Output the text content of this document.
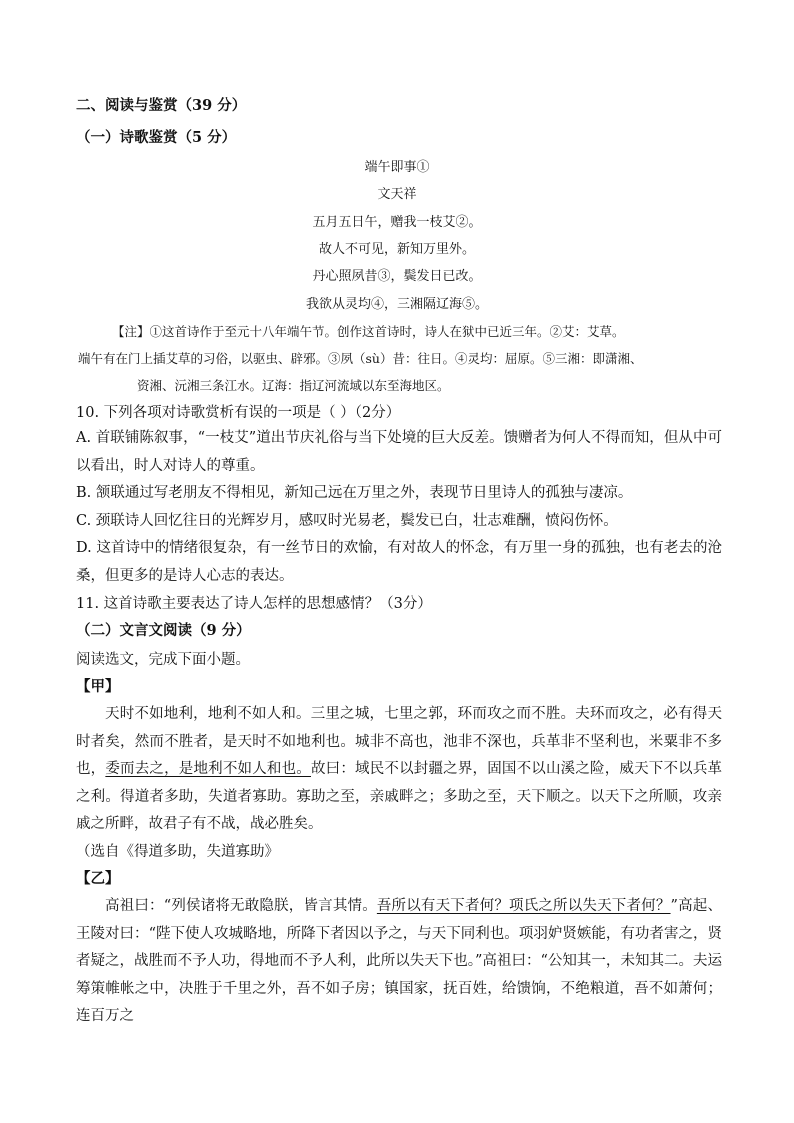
二、阅读与鉴赏（39 分）
（一）诗歌鉴赏（5 分）
端午即事①
文天祥
五月五日午，赠我一枝艾②。
故人不可见，新知万里外。
丹心照夙昔③，鬓发日已改。
我欲从灵均④，三湘隔辽海⑤。
【注】①这首诗作于至元十八年端午节。创作这首诗时，诗人在狱中已近三年。②艾：艾草。
端午有在门上插艾草的习俗，以驱虫、辟邪。③夙（sù）昔：往日。④灵均：屈原。⑤三湘：即潇湘、
资湘、沅湘三条江水。辽海：指辽河流域以东至海地区。
10. 下列各项对诗歌赏析有误的一项是（ ）（2分）

A. 首联铺陈叙事，“一枝艾”道出节庆礼俗与当下处境的巨大反差。馈赠者为何人不得而知，但从中可以看出，时人对诗人的尊重。

B. 颔联通过写老朋友不得相见，新知己远在万里之外，表现节日里诗人的孤独与凄凉。

C. 颈联诗人回忆往日的光辉岁月，感叹时光易老，鬓发已白，壮志难酬，愤闷伤怀。

D. 这首诗中的情绪很复杂，有一丝节日的欢愉，有对故人的怀念，有万里一身的孤独，也有老去的沧桑，但更多的是诗人心志的表达。

11. 这首诗歌主要表达了诗人怎样的思想感情？（3分）
（二）文言文阅读（9 分）
阅读选文，完成下面小题。
【甲】

天时不如地利，地利不如人和。三里之城，七里之郭，环而攻之而不胜。夫环而攻之，必有得天时者矣，然而不胜者，是天时不如地利也。城非不高也，池非不深也，兵革非不坚利也，米粟非不多也，委而去之，是地利不如人和也。故曰：域民不以封疆之界，固国不以山溪之险，威天下不以兵革之利。得道者多助，失道者寡助。寡助之至，亲戚畔之；多助之至，天下顺之。以天下之所顺，攻亲戚之所畔，故君子有不战，战必胜矣。

（选自《得道多助，失道寡助》
【乙】

高祖曰：“列侯诸将无敢隐朕，皆言其情。吾所以有天下者何？项氏之所以失天下者何？”高起、王陵对曰：“陛下使人攻城略地，所降下者因以予之，与天下同利也。项羽妒贤嫉能，有功者害之，贤者疑之，战胜而不予人功，得地而不予人利，此所以失天下也。”高祖曰：“公知其一，未知其二。夫运筹策帷帐之中，决胜于千里之外，吾不如子房；镇国家，抚百姓，给馈饷，不绝粮道，吾不如萧何；连百万之
